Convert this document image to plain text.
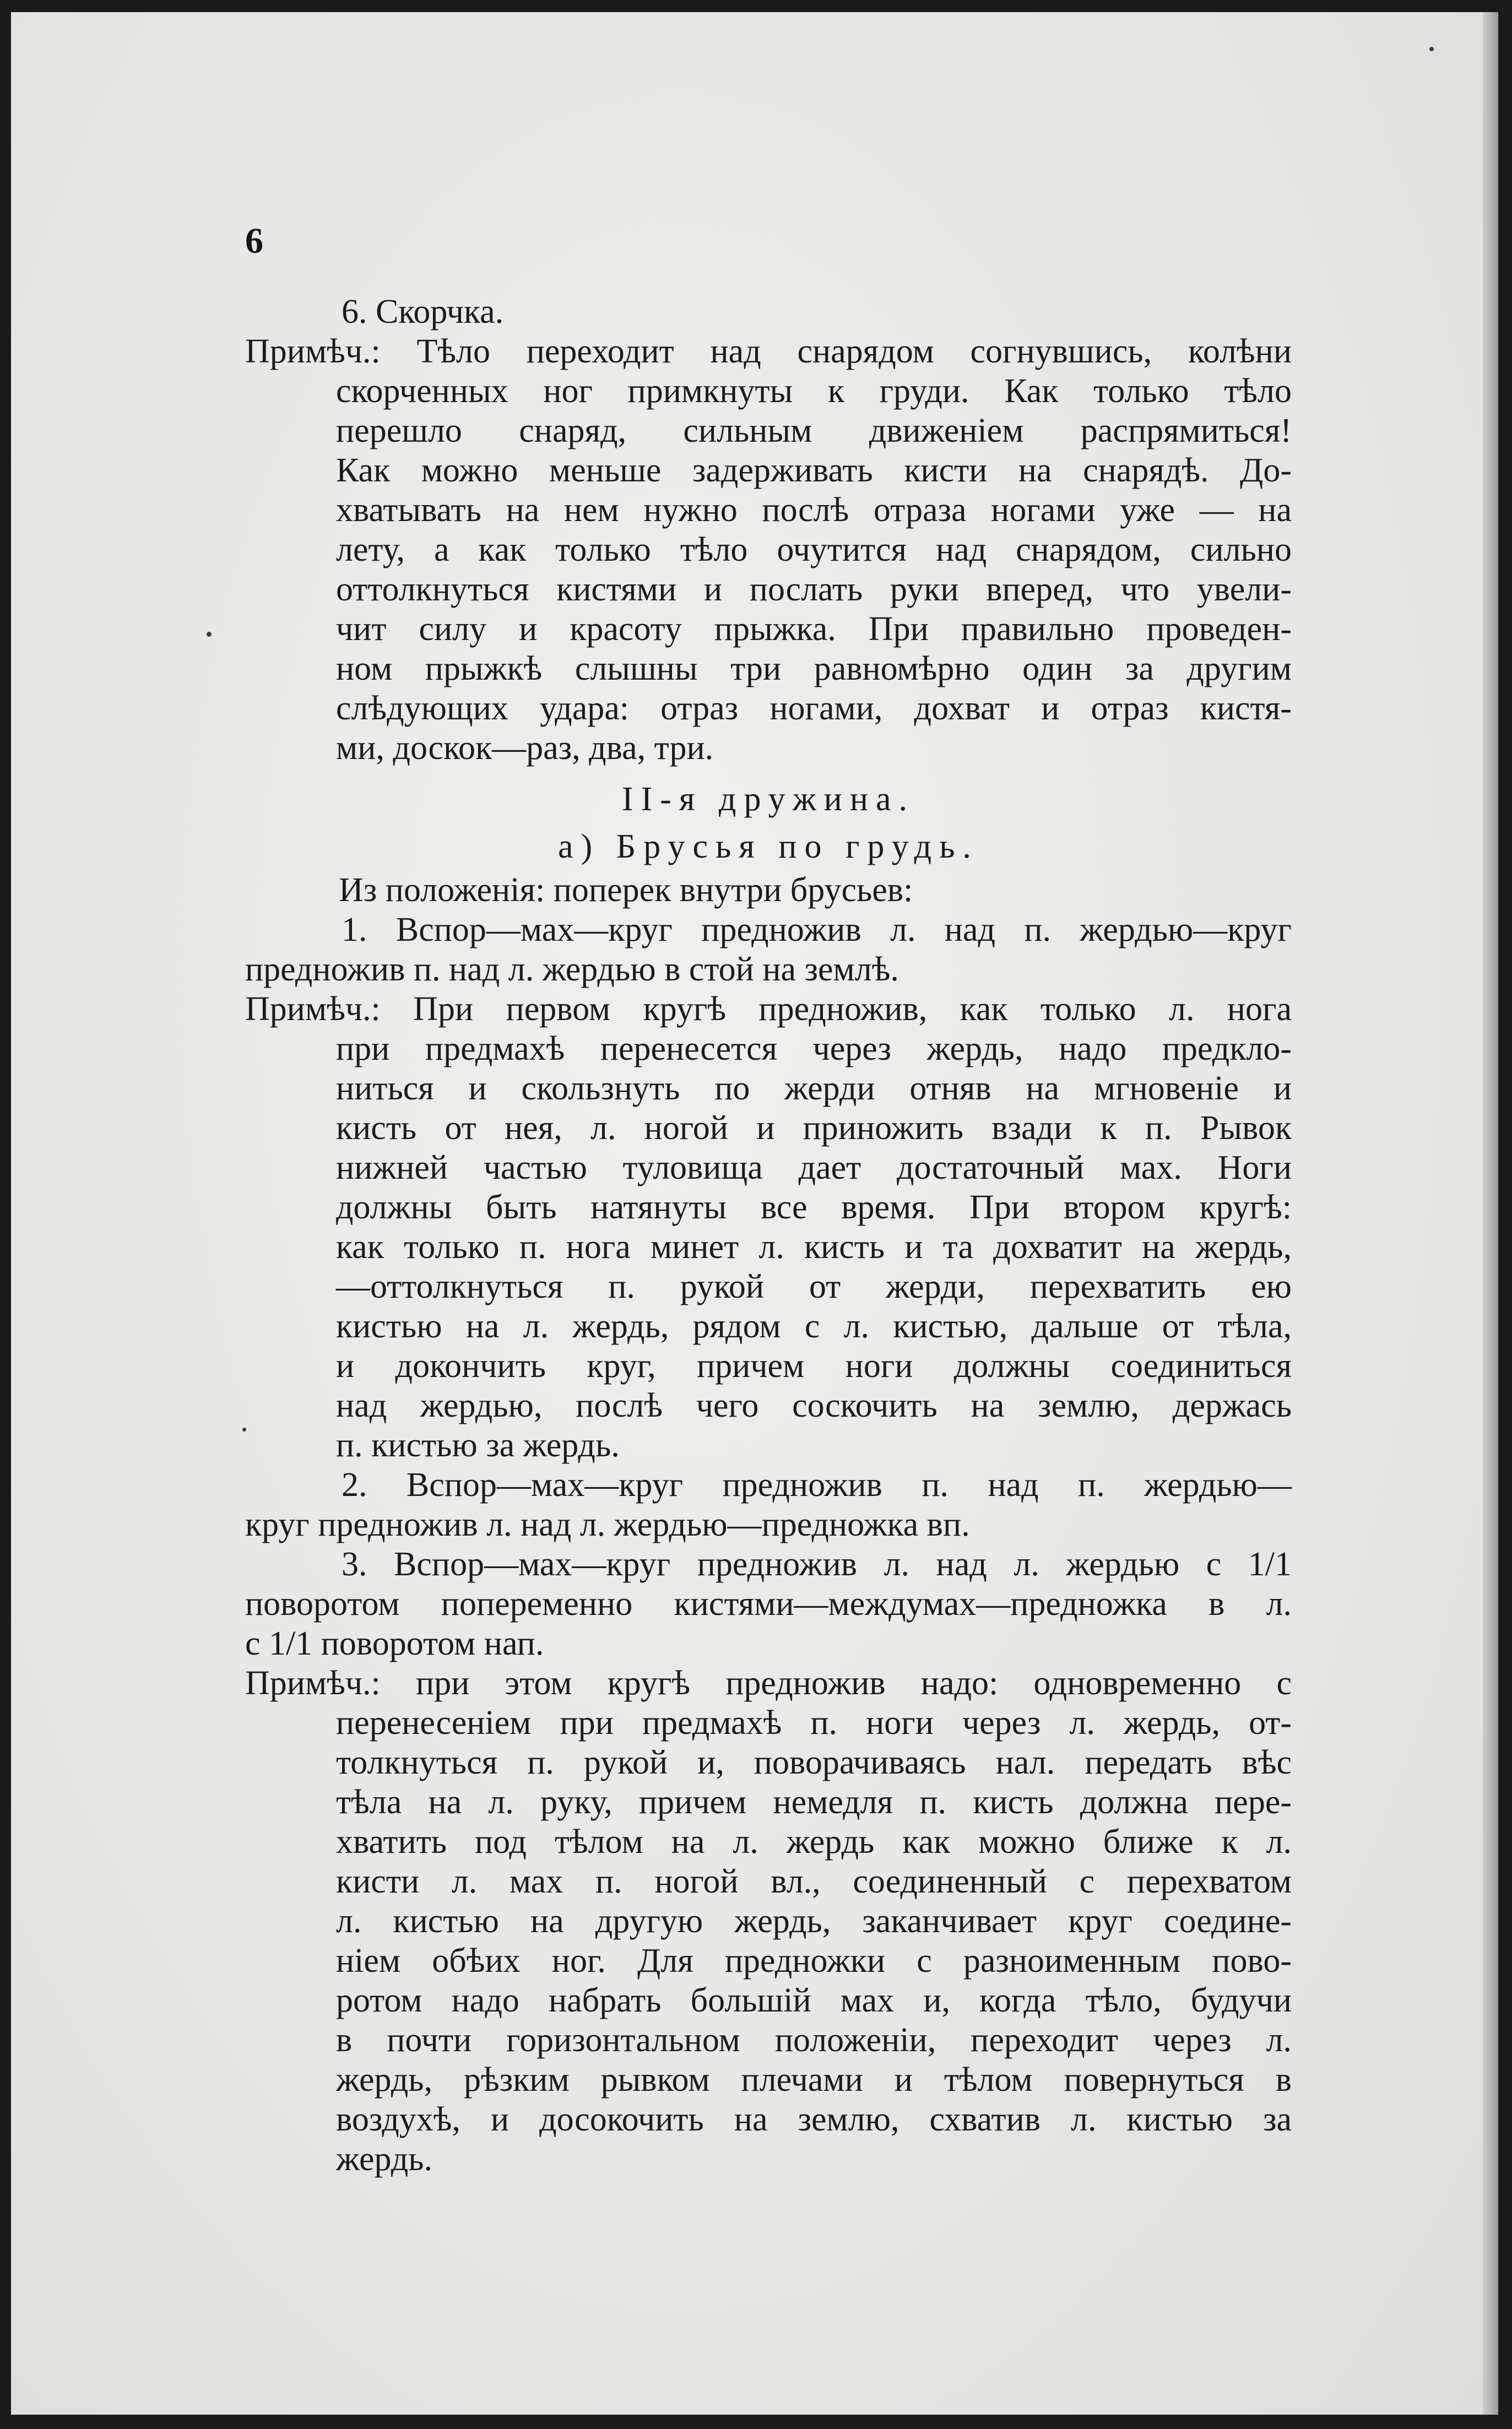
6
6. Скорчка.
Примѣч.: Тѣло переходит над снарядом согнувшись, колѣни
скорченных ног примкнуты к груди. Как только тѣло
перешло снаряд, сильным движеніем распрямиться!
Как можно меньше задерживать кисти на снарядѣ. До-
хватывать на нем нужно послѣ отраза ногами уже — на
лету, а как только тѣло очутится над снарядом, сильно
оттолкнуться кистями и послать руки вперед, что увели-
чит силу и красоту прыжка. При правильно проведен-
ном прыжкѣ слышны три равномѣрно один за другим
слѣдующих удара: отраз ногами, дохват и отраз кистя-
ми, доскок—раз, два, три.
II-я дружина.
а) Брусья по грудь.
Из положенія: поперек внутри брусьев:
1. Вспор—мах—круг предножив л. над п. жердью—круг
предножив п. над л. жердью в стой на землѣ.
Примѣч.: При первом кругѣ предножив, как только л. нога
при предмахѣ перенесется через жердь, надо предкло-
ниться и скользнуть по жерди отняв на мгновеніе и
кисть от нея, л. ногой и приножить взади к п. Рывок
нижней частью туловища дает достаточный мах. Ноги
должны быть натянуты все время. При втором кругѣ:
как только п. нога минет л. кисть и та дохватит на жердь,
—оттолкнуться п. рукой от жерди, перехватить ею
кистью на л. жердь, рядом с л. кистью, дальше от тѣла,
и докончить круг, причем ноги должны соединиться
над жердью, послѣ чего соскочить на землю, держась
п. кистью за жердь.
2. Вспор—мах—круг предножив п. над п. жердью—
круг предножив л. над л. жердью—предножка вп.
3. Вспор—мах—круг предножив л. над л. жердью с 1/1
поворотом попеременно кистями—междумах—предножка в л.
с 1/1 поворотом нап.
Примѣч.: при этом кругѣ предножив надо: одновременно с
перенесеніем при предмахѣ п. ноги через л. жердь, от-
толкнуться п. рукой и, поворачиваясь нал. передать вѣс
тѣла на л. руку, причем немедля п. кисть должна пере-
хватить под тѣлом на л. жердь как можно ближе к л.
кисти л. мах п. ногой вл., соединенный с перехватом
л. кистью на другую жердь, заканчивает круг соедине-
ніем обѣих ног. Для предножки с разноименным пово-
ротом надо набрать большій мах и, когда тѣло, будучи
в почти горизонтальном положеніи, переходит через л.
жердь, рѣзким рывком плечами и тѣлом повернуться в
воздухѣ, и досокочить на землю, схватив л. кистью за
жердь.
